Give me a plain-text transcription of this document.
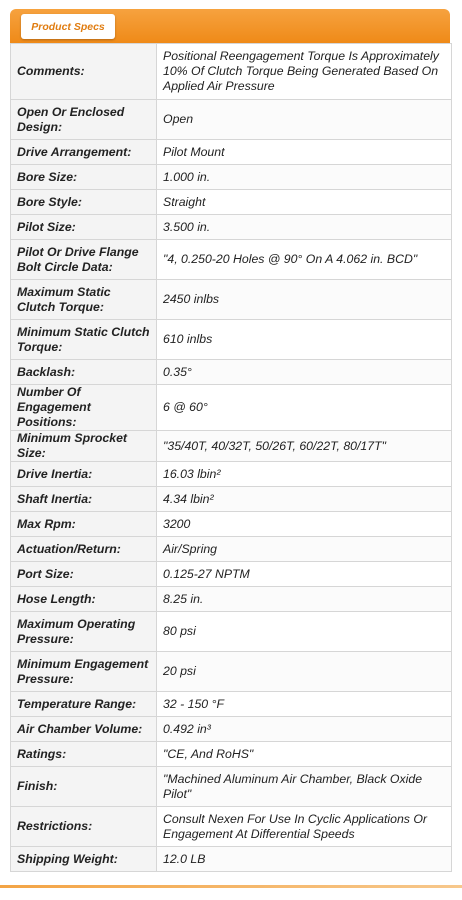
Product Specs
Comments:	Positional Reengagement Torque Is Approximately 10% Of Clutch Torque Being Generated Based On Applied Air Pressure
Open Or Enclosed Design:	Open
Drive Arrangement:	Pilot Mount
Bore Size:	1.000 in.
Bore Style:	Straight
Pilot Size:	3.500 in.
Pilot Or Drive Flange Bolt Circle Data:	"4, 0.250-20 Holes @ 90° On A 4.062 in. BCD"
Maximum Static Clutch Torque:	2450 inlbs
Minimum Static Clutch Torque:	610 inlbs
Backlash:	0.35°
Number Of Engagement Positions:	6 @ 60°
Minimum Sprocket Size:	"35/40T, 40/32T, 50/26T, 60/22T, 80/17T"
Drive Inertia:	16.03 lbin²
Shaft Inertia:	4.34 lbin²
Max Rpm:	3200
Actuation/Return:	Air/Spring
Port Size:	0.125-27 NPTM
Hose Length:	8.25 in.
Maximum Operating Pressure:	80 psi
Minimum Engagement Pressure:	20 psi
Temperature Range:	32 - 150 °F
Air Chamber Volume:	0.492 in³
Ratings:	"CE, And RoHS"
Finish:	"Machined Aluminum Air Chamber, Black Oxide Pilot"
Restrictions:	Consult Nexen For Use In Cyclic Applications Or Engagement At Differential Speeds
Shipping Weight:	12.0 LB
